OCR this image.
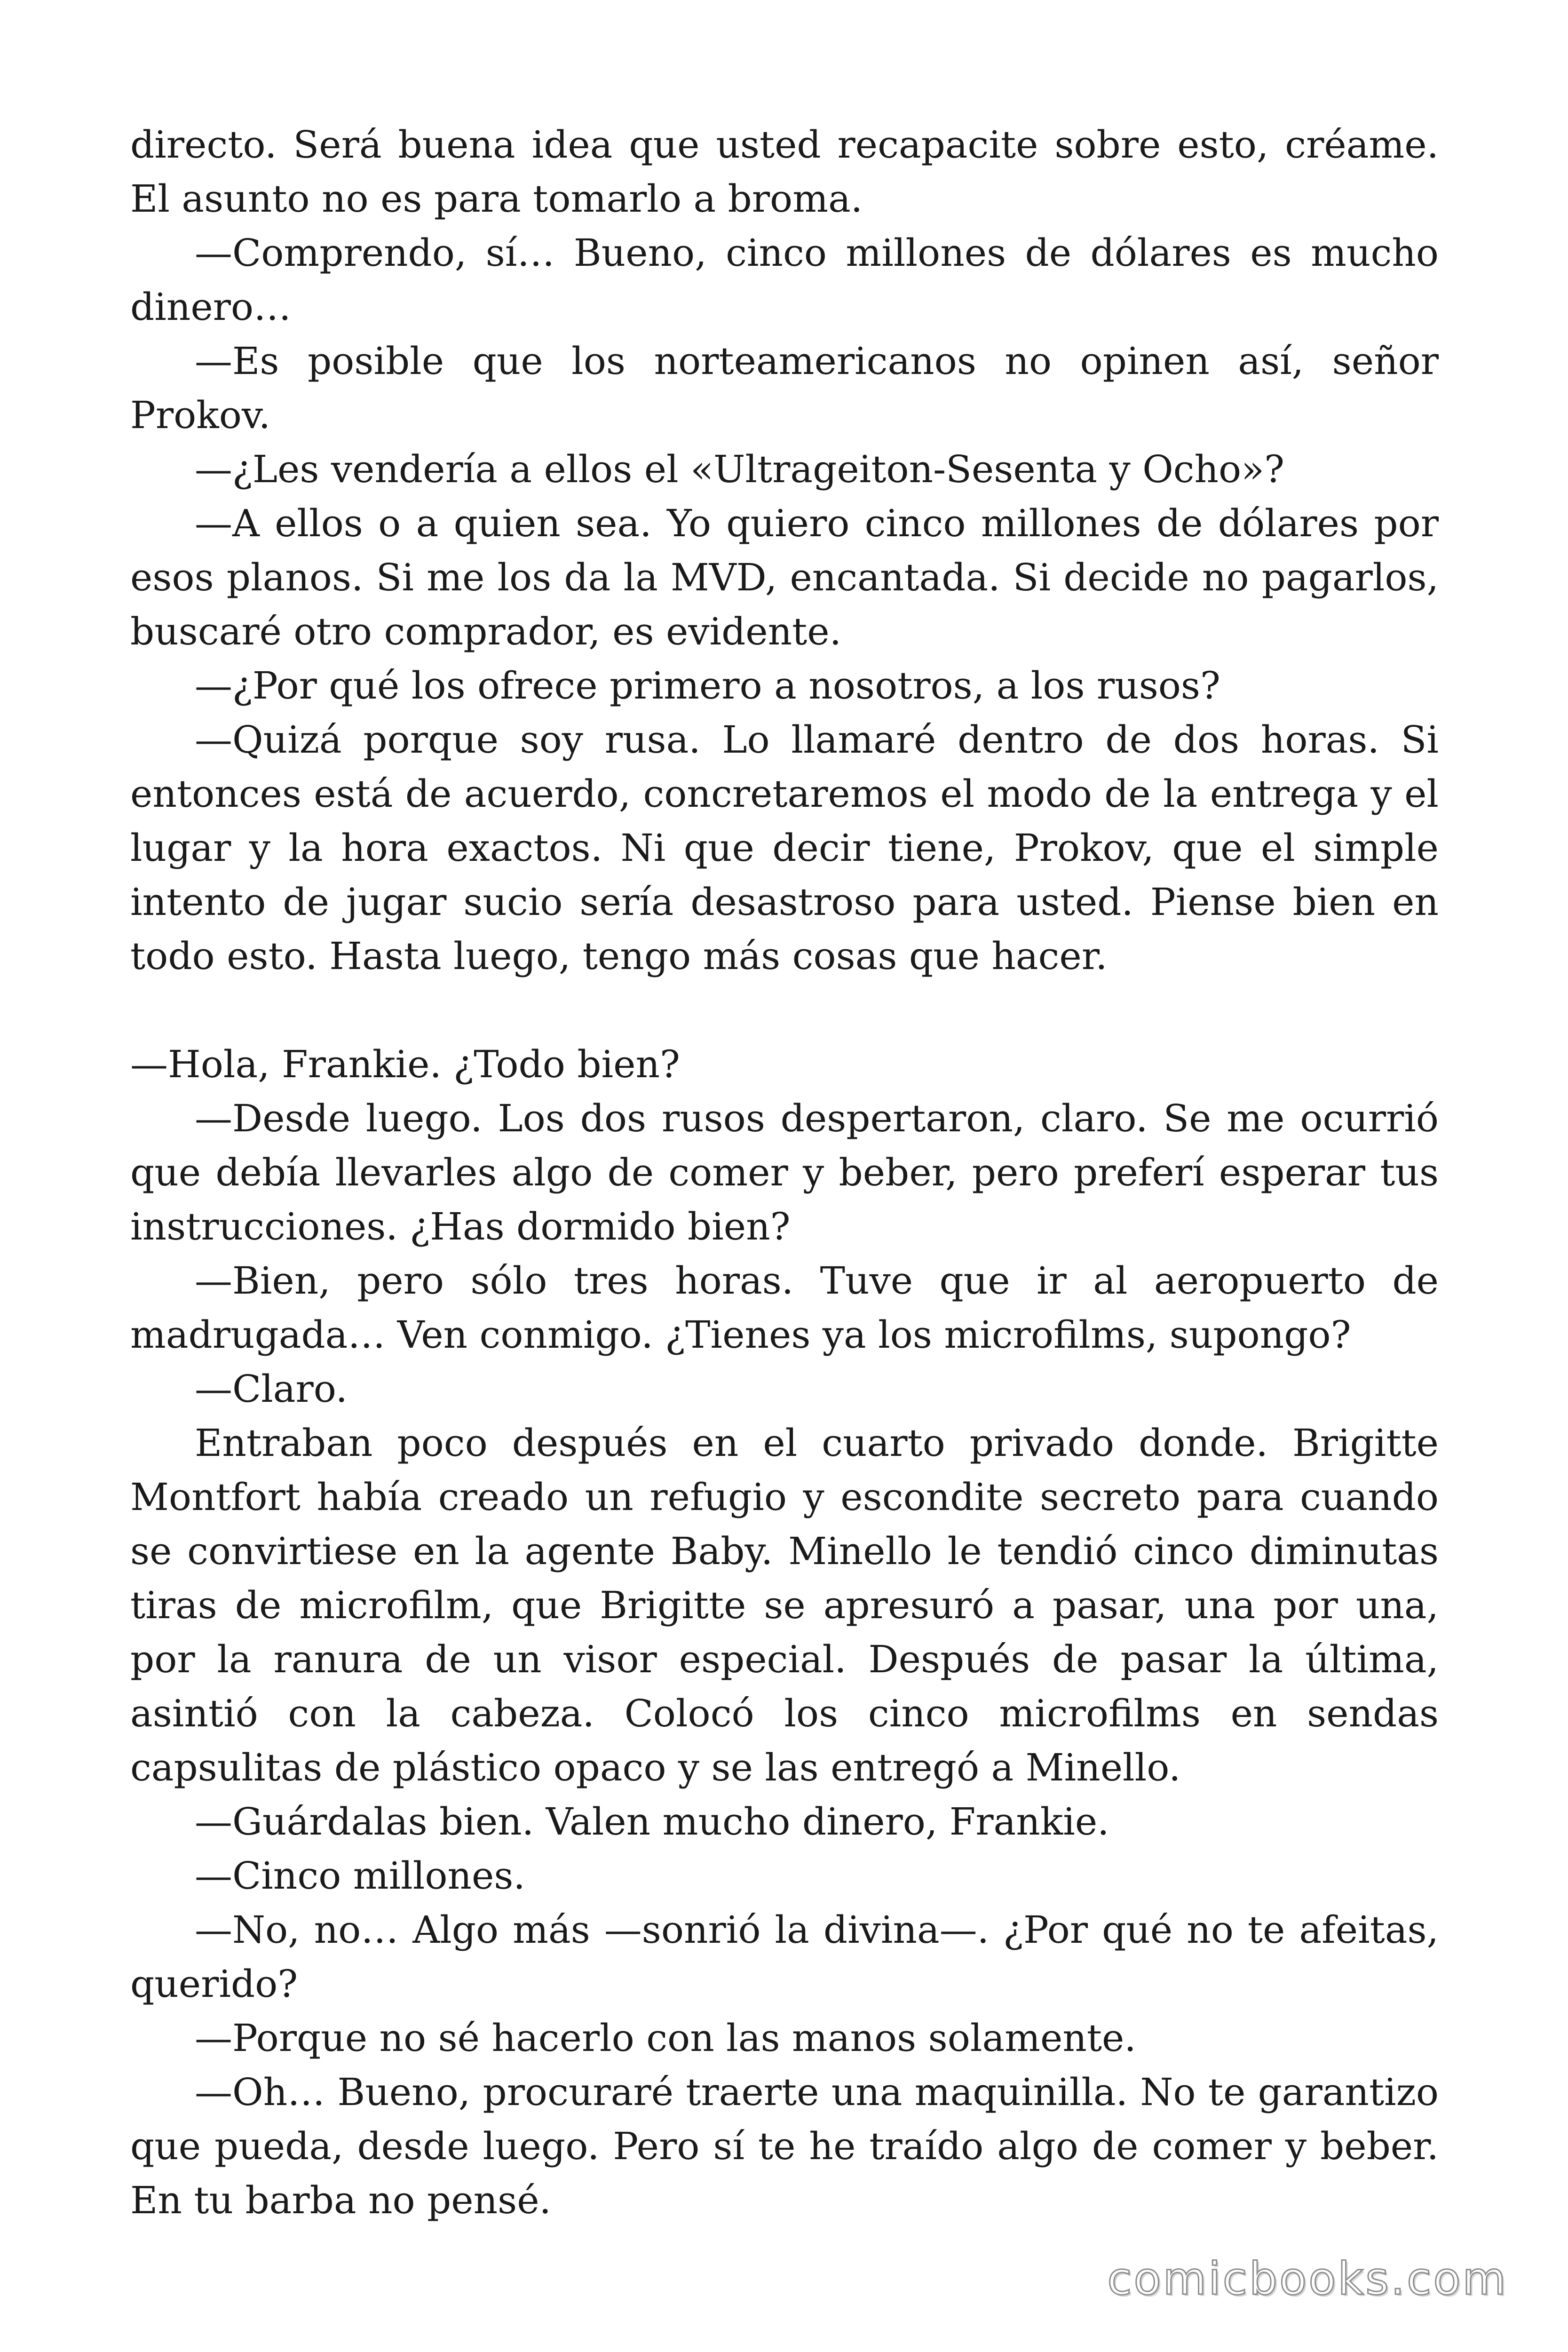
directo. Será buena idea que usted recapacite sobre esto, créame. El asunto no es para tomarlo a broma.

—Comprendo, sí… Bueno, cinco millones de dólares es mucho dinero…

—Es posible que los norteamericanos no opinen así, señor Prokov.

—¿Les vendería a ellos el «Ultrageiton-Sesenta y Ocho»?

—A ellos o a quien sea. Yo quiero cinco millones de dólares por esos planos. Si me los da la MVD, encantada. Si decide no pagarlos, buscaré otro comprador, es evidente.

—¿Por qué los ofrece primero a nosotros, a los rusos?

—Quizá porque soy rusa. Lo llamaré dentro de dos horas. Si entonces está de acuerdo, concretaremos el modo de la entrega y el lugar y la hora exactos. Ni que decir tiene, Prokov, que el simple intento de jugar sucio sería desastroso para usted. Piense bien en todo esto. Hasta luego, tengo más cosas que hacer.

—Hola, Frankie. ¿Todo bien?

—Desde luego. Los dos rusos despertaron, claro. Se me ocurrió que debía llevarles algo de comer y beber, pero preferí esperar tus instrucciones. ¿Has dormido bien?

—Bien, pero sólo tres horas. Tuve que ir al aeropuerto de madrugada… Ven conmigo. ¿Tienes ya los microfilms, supongo?

—Claro.

Entraban poco después en el cuarto privado donde. Brigitte Montfort había creado un refugio y escondite secreto para cuando se convirtiese en la agente Baby. Minello le tendió cinco diminutas tiras de microfilm, que Brigitte se apresuró a pasar, una por una, por la ranura de un visor especial. Después de pasar la última, asintió con la cabeza. Colocó los cinco microfilms en sendas capsulitas de plástico opaco y se las entregó a Minello.

—Guárdalas bien. Valen mucho dinero, Frankie.

—Cinco millones.

—No, no… Algo más —sonrió la divina—. ¿Por qué no te afeitas, querido?

—Porque no sé hacerlo con las manos solamente.

—Oh… Bueno, procuraré traerte una maquinilla. No te garantizo que pueda, desde luego. Pero sí te he traído algo de comer y beber. En tu barba no pensé.

comicbooks.com
